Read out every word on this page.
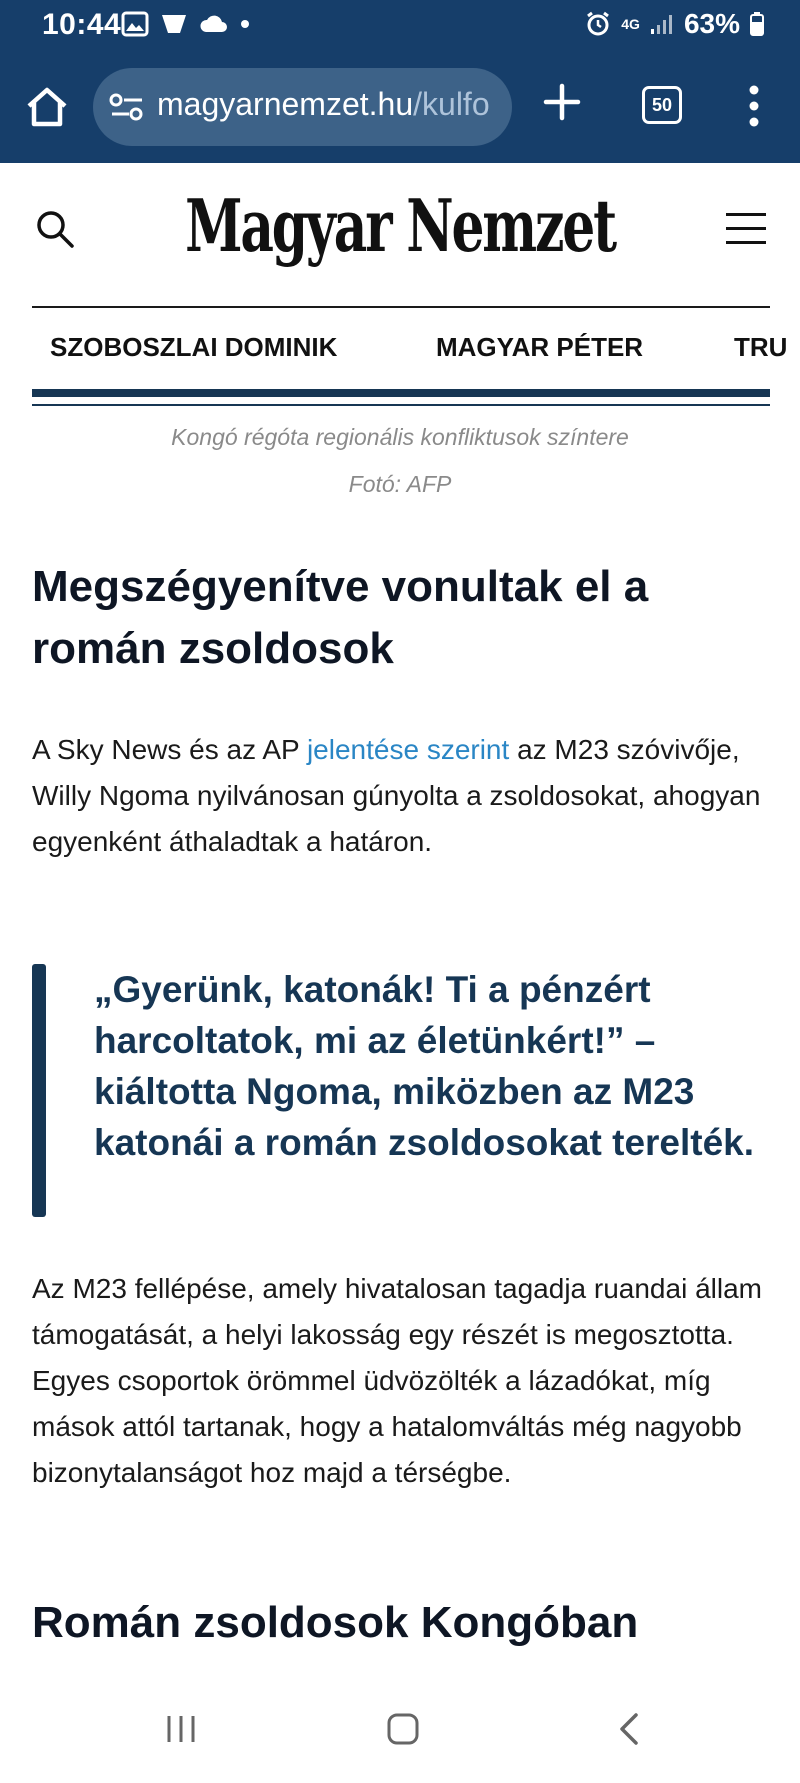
10:44	4G 63%
magyarnemzet.hu/kulfo	50
Magyar Nemzet
SZOBOSZLAI DOMINIK	MAGYAR PÉTER	TRU
Kongó régóta regionális konfliktusok színtere
Fotó: AFP
Megszégyenítve vonultak el a román zsoldosok

A Sky News és az AP jelentése szerint az M23 szóvivője, Willy Ngoma nyilvánosan gúnyolta a zsoldosokat, ahogyan egyenként áthaladtak a határon.

„Gyerünk, katonák! Ti a pénzért harcoltatok, mi az életünkért!” – kiáltotta Ngoma, miközben az M23 katonái a román zsoldosokat terelték.

Az M23 fellépése, amely hivatalosan tagadja ruandai állam támogatását, a helyi lakosság egy részét is megosztotta. Egyes csoportok örömmel üdvözölték a lázadókat, míg mások attól tartanak, hogy a hatalomváltás még nagyobb bizonytalanságot hoz majd a térségbe.

Román zsoldosok Kongóban
